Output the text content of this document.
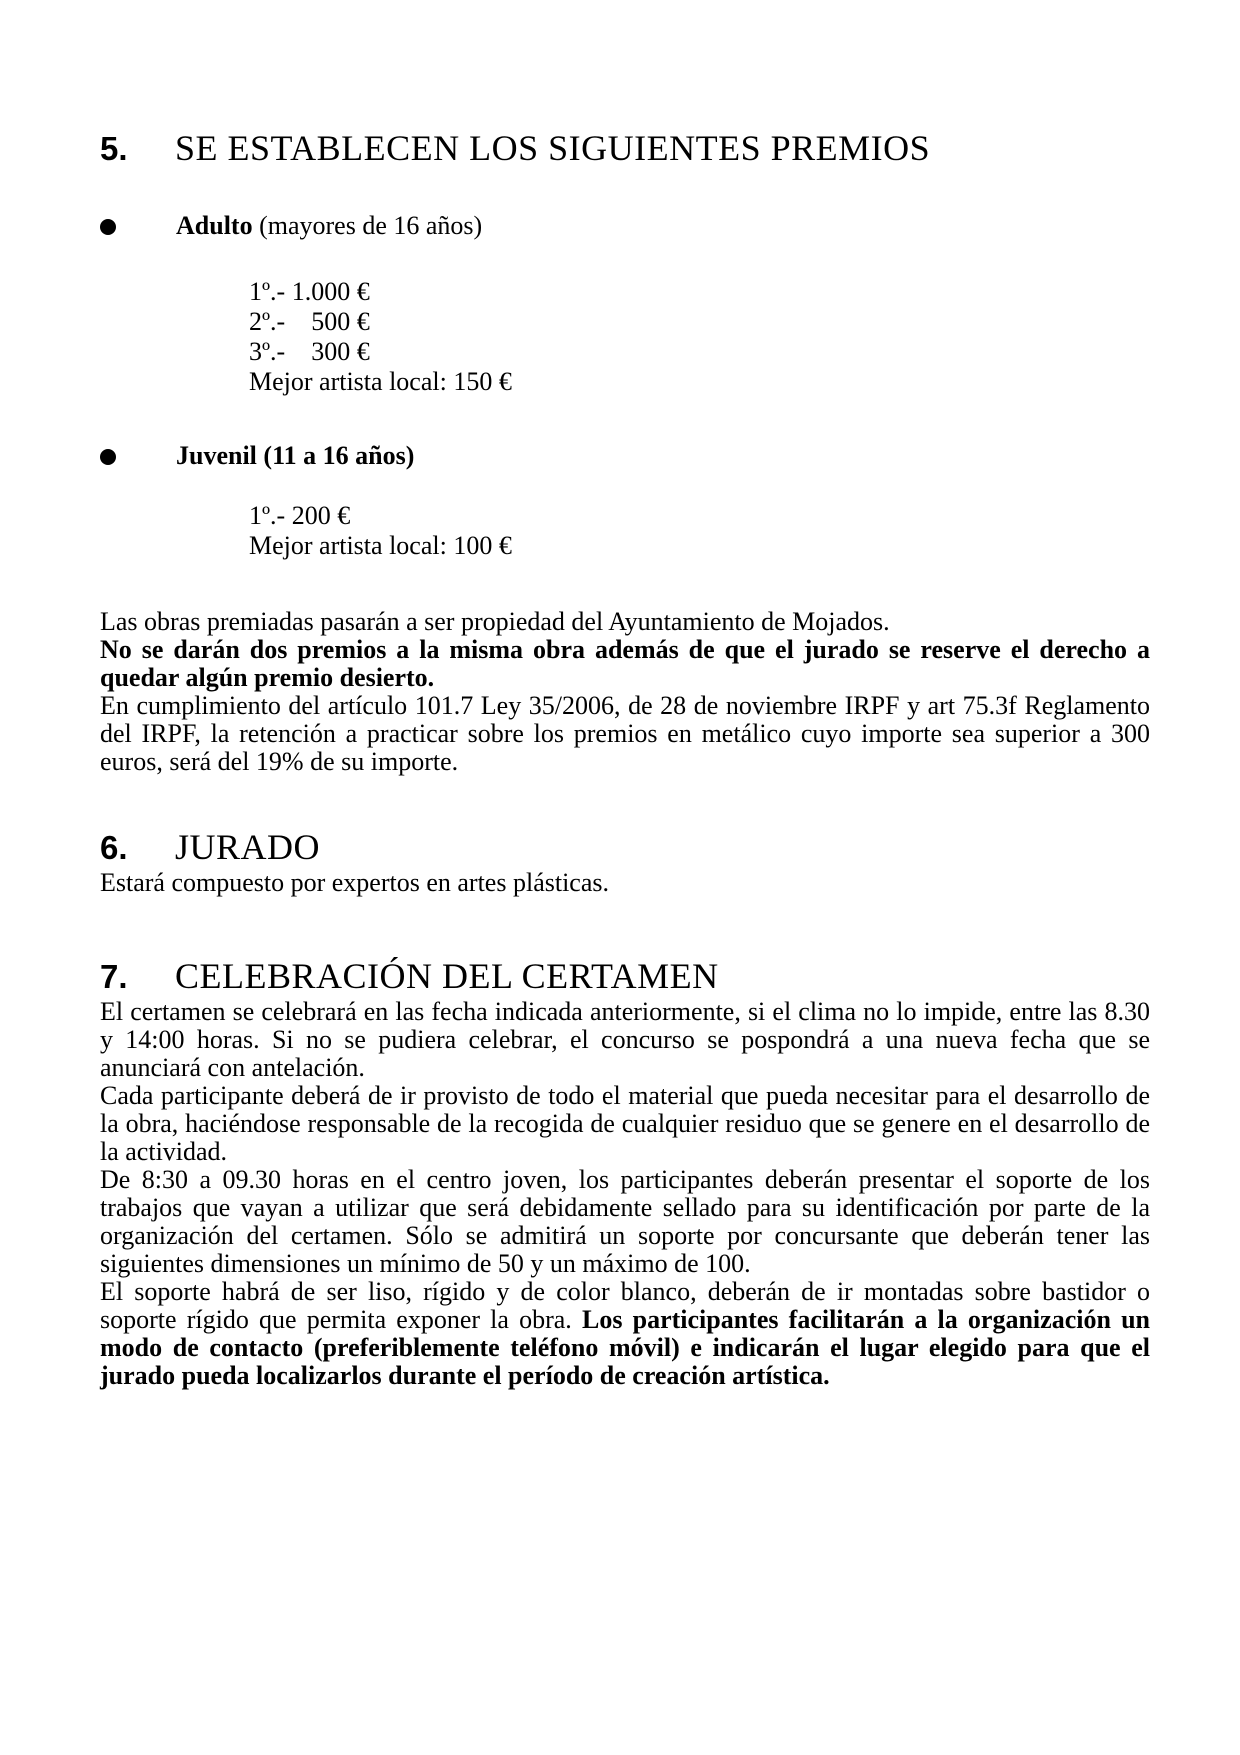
5.	SE ESTABLECEN LOS SIGUIENTES PREMIOS
Adulto (mayores de 16 años)
1º.- 1.000 €
2º.-    500 €
3º.-    300 €
Mejor artista local: 150 €
Juvenil (11 a 16 años)
1º.- 200 €
Mejor artista local: 100 €

Las obras premiadas pasarán a ser propiedad del Ayuntamiento de Mojados.

No se darán dos premios a la misma obra además de que el jurado se reserve el derecho a quedar algún premio desierto.

En cumplimiento del artículo 101.7 Ley 35/2006, de 28 de noviembre IRPF y art 75.3f Reglamento del IRPF, la retención a practicar sobre los premios en metálico cuyo importe sea superior a 300 euros, será del 19% de su importe.

6.	JURADO

Estará compuesto por expertos en artes plásticas.

7.	CELEBRACIÓN DEL CERTAMEN

El certamen se celebrará en las fecha indicada anteriormente, si el clima no lo impide, entre las 8.30 y 14:00 horas. Si no se pudiera celebrar, el concurso se pospondrá a una nueva fecha que se anunciará con antelación.

Cada participante deberá de ir provisto de todo el material que pueda necesitar para el desarrollo de la obra, haciéndose responsable de la recogida de cualquier residuo que se genere en el desarrollo de la actividad.

De 8:30 a 09.30 horas en el centro joven, los participantes deberán presentar el soporte de los trabajos que vayan a utilizar que será debidamente sellado para su identificación por parte de la organización del certamen. Sólo se admitirá un soporte por concursante que deberán tener las siguientes dimensiones un mínimo de 50 y un máximo de 100.

El soporte habrá de ser liso, rígido y de color blanco, deberán de ir montadas sobre bastidor o soporte rígido que permita exponer la obra. Los participantes facilitarán a la organización un modo de contacto (preferiblemente teléfono móvil) e indicarán el lugar elegido para que el jurado pueda localizarlos durante el período de creación artística.
